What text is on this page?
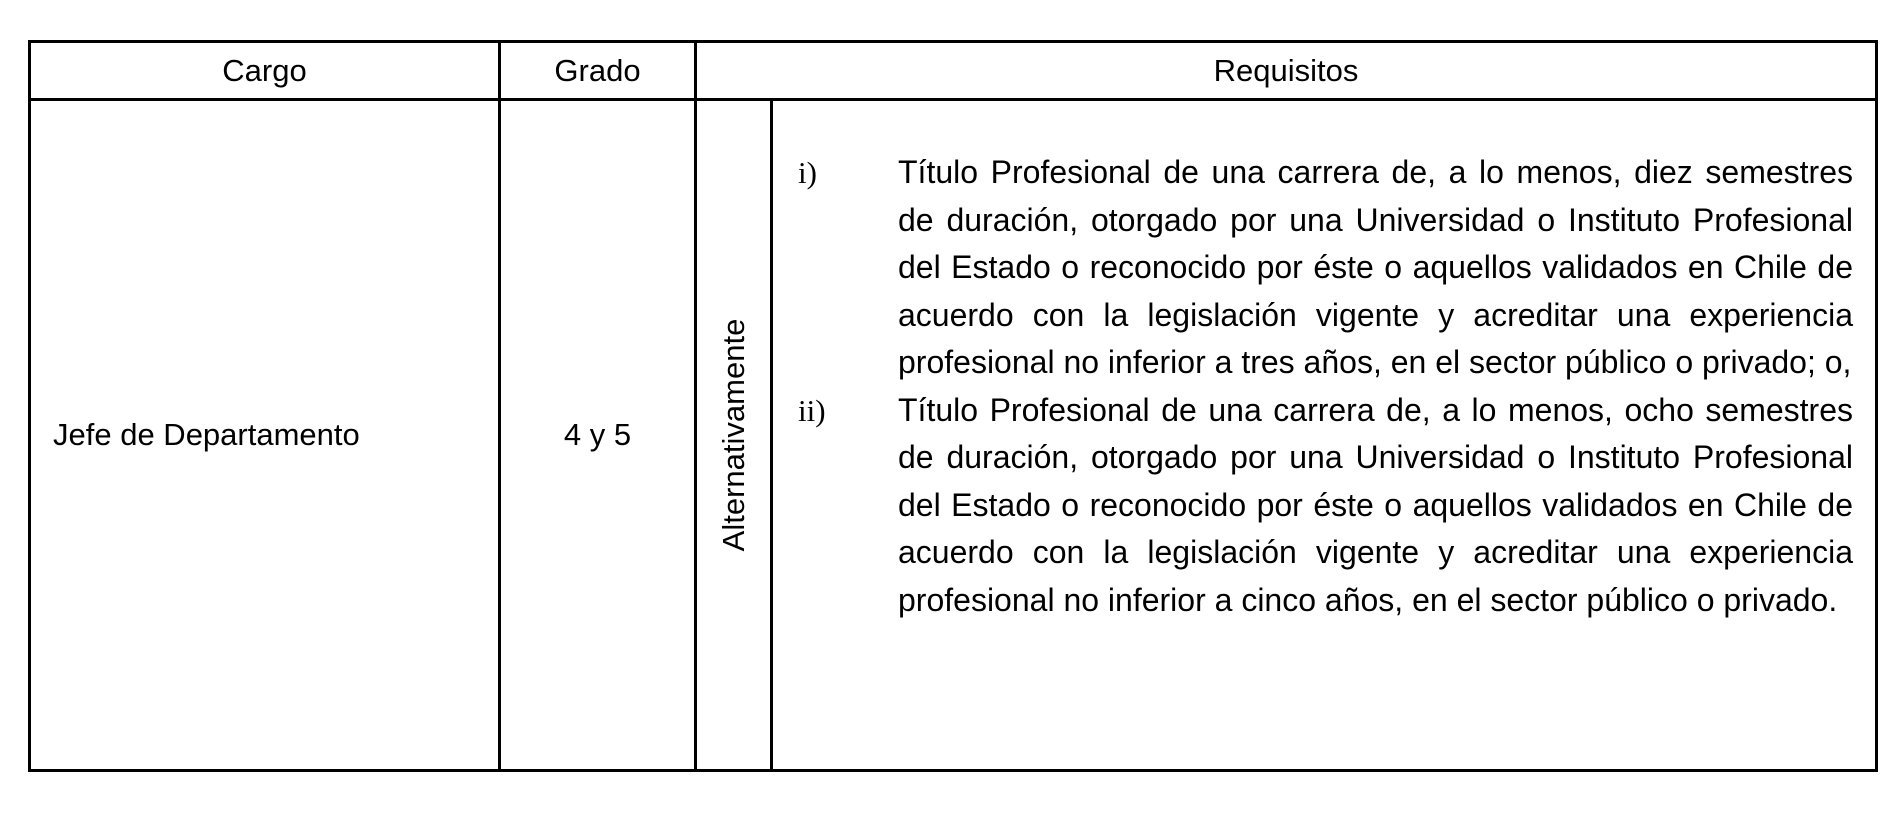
Cargo	Grado	Requisitos	
Jefe de Departamento	4 y 5	Alternativamente	i) Título Profesional de una carrera de, a lo menos, diez semestres de duración, otorgado por una Universidad o Instituto Profesional del Estado o reconocido por éste o aquellos validados en Chile de acuerdo con la legislación vigente y acreditar una experiencia profesional no inferior a tres años, en el sector público o privado; o,
ii) Título Profesional de una carrera de, a lo menos, ocho semestres de duración, otorgado por una Universidad o Instituto Profesional del Estado o reconocido por éste o aquellos validados en Chile de acuerdo con la legislación vigente y acreditar una experiencia profesional no inferior a cinco años, en el sector público o privado.
